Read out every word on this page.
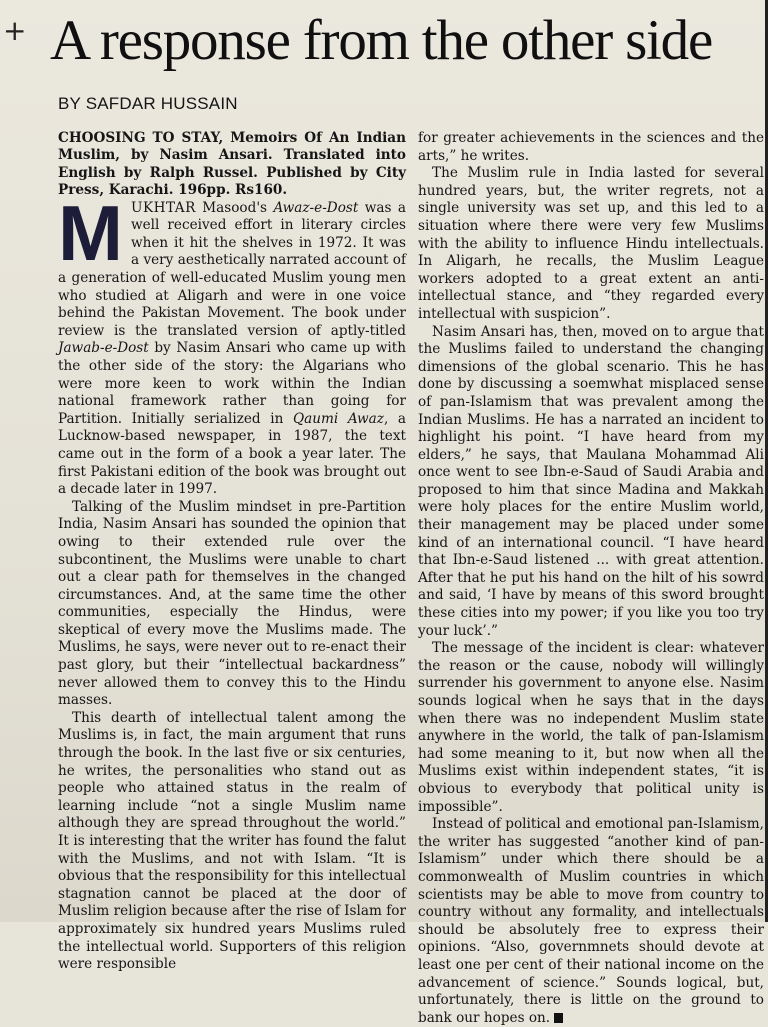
+ A response from the other side
BY SAFDAR HUSSAIN

CHOOSING TO STAY, Memoirs Of An Indian Muslim, by Nasim Ansari. Translated into English by Ralph Russel. Published by City Press, Karachi. 196pp. Rs160.

MUKHTAR Masood's Awaz-e-Dost was a well received effort in literary circles when it hit the shelves in 1972. It was a very aesthetically narrated account of a generation of well-educated Muslim young men who studied at Aligarh and were in one voice behind the Pakistan Movement. The book under review is the translated version of aptly-titled Jawab-e-Dost by Nasim Ansari who came up with the other side of the story: the Algarians who were more keen to work within the Indian national framework rather than going for Partition. Initially serialized in Qaumi Awaz, a Lucknow-based newspaper, in 1987, the text came out in the form of a book a year later. The first Pakistani edition of the book was brought out a decade later in 1997.

Talking of the Muslim mindset in pre-Partition India, Nasim Ansari has sounded the opinion that owing to their extended rule over the subcontinent, the Muslims were unable to chart out a clear path for themselves in the changed circumstances. And, at the same time the other communities, especially the Hindus, were skeptical of every move the Muslims made. The Muslims, he says, were never out to re-enact their past glory, but their “intellectual backardness” never allowed them to convey this to the Hindu masses.

This dearth of intellectual talent among the Muslims is, in fact, the main argument that runs through the book. In the last five or six centuries, he writes, the personalities who stand out as people who attained status in the realm of learning include “not a single Muslim name although they are spread throughout the world.” It is interesting that the writer has found the falut with the Muslims, and not with Islam. “It is obvious that the responsibility for this intellectual stagnation cannot be placed at the door of Muslim religion because after the rise of Islam for approximately six hundred years Muslims ruled the intellectual world. Supporters of this religion were responsible

for greater achievements in the sciences and the arts,” he writes.

The Muslim rule in India lasted for several hundred years, but, the writer regrets, not a single university was set up, and this led to a situation where there were very few Muslims with the ability to influence Hindu intellectuals. In Aligarh, he recalls, the Muslim League workers adopted to a great extent an anti-intellectual stance, and “they regarded every intellectual with suspicion”.

Nasim Ansari has, then, moved on to argue that the Muslims failed to understand the changing dimensions of the global scenario. This he has done by discussing a soemwhat misplaced sense of pan-Islamism that was prevalent among the Indian Muslims. He has a narrated an incident to highlight his point. “I have heard from my elders,” he says, that Maulana Mohammad Ali once went to see Ibn-e-Saud of Saudi Arabia and proposed to him that since Madina and Makkah were holy places for the entire Muslim world, their management may be placed under some kind of an international council. “I have heard that Ibn-e-Saud listened ... with great attention. After that he put his hand on the hilt of his sowrd and said, ‘I have by means of this sword brought these cities into my power; if you like you too try your luck’.”

The message of the incident is clear: whatever the reason or the cause, nobody will willingly surrender his government to anyone else. Nasim sounds logical when he says that in the days when there was no independent Muslim state anywhere in the world, the talk of pan-Islamism had some meaning to it, but now when all the Muslims exist within independent states, “it is obvious to everybody that political unity is impossible”.

Instead of political and emotional pan-Islamism, the writer has suggested “another kind of pan-Islamism” under which there should be a commonwealth of Muslim countries in which scientists may be able to move from country to country without any formality, and intellectuals should be absolutely free to express their opinions. “Also, governmnets should devote at least one per cent of their national income on the advancement of science.” Sounds logical, but, unfortunately, there is little on the ground to bank our hopes on.
